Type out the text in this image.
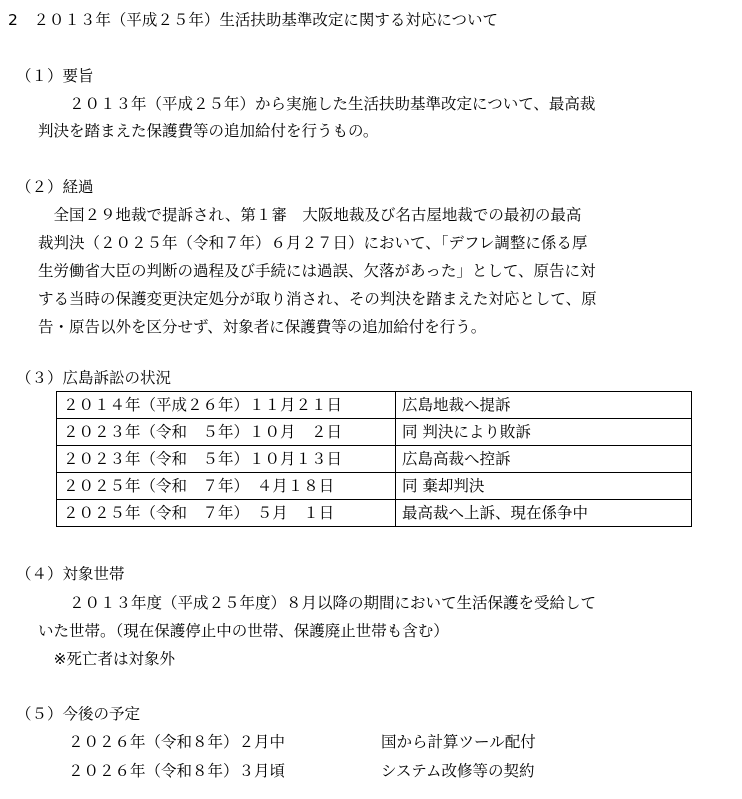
2　２０１３年（平成２５年）生活扶助基準改定に関する対応について
（１）要旨
　　２０１３年（平成２５年）から実施した生活扶助基準改定について、最高裁
判決を踏まえた保護費等の追加給付を行うもの。
（２）経過
　全国２９地裁で提訴され、第１審　大阪地裁及び名古屋地裁での最初の最高
裁判決（２０２５年（令和７年）６月２７日）において、「デフレ調整に係る厚
生労働省大臣の判断の過程及び手続には過誤、欠落があった」として、原告に対
する当時の保護変更決定処分が取り消され、その判決を踏まえた対応として、原
告・原告以外を区分せず、対象者に保護費等の追加給付を行う。
（３）広島訴訟の状況
２０１４年（平成２６年）１１月２１日	広島地裁へ提訴
２０２３年（令和　５年）１０月　２日	同 判決により敗訴
２０２３年（令和　５年）１０月１３日	広島高裁へ控訴
２０２５年（令和　７年）　４月１８日	同 棄却判決
２０２５年（令和　７年）　５月　１日	最高裁へ上訴、現在係争中
（４）対象世帯
　　２０１３年度（平成２５年度）８月以降の期間において生活保護を受給して
いた世帯。（現在保護停止中の世帯、保護廃止世帯も含む）
　※死亡者は対象外
（５）今後の予定
２０２６年（令和８年）２月中	国から計算ツール配付
２０２６年（令和８年）３月頃	システム改修等の契約
